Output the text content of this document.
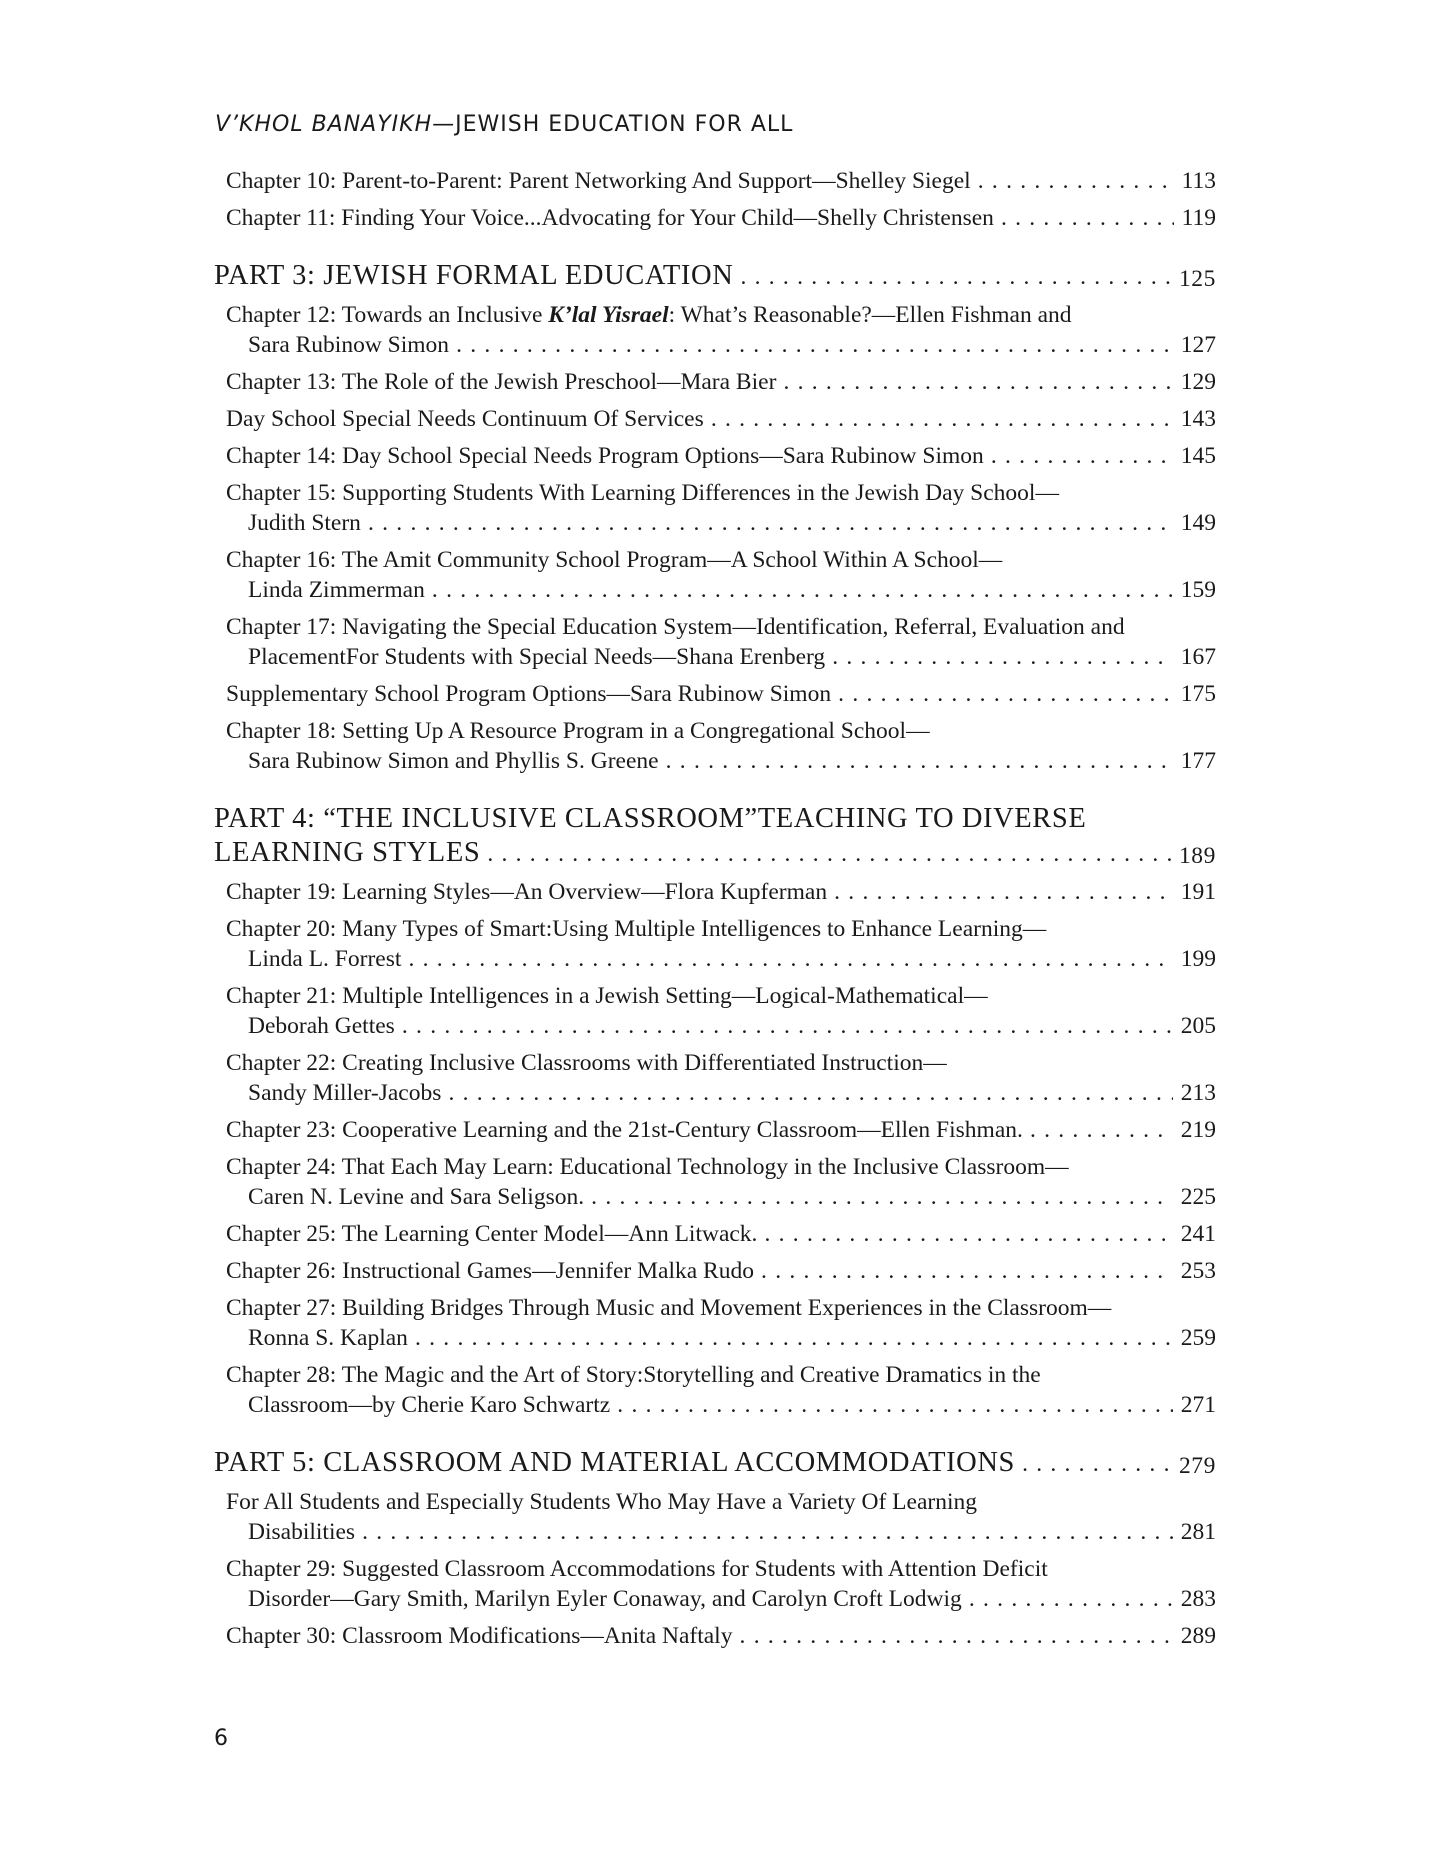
V’KHOL BANAYIKH—JEWISH EDUCATION FOR ALL
Chapter 10: Parent-to-Parent: Parent Networking And Support—Shelley Siegel . . .	113
Chapter 11: Finding Your Voice...Advocating for Your Child—Shelly Christensen . . .	119
PART 3: JEWISH FORMAL EDUCATION . . .	125
Chapter 12: Towards an Inclusive K’lal Yisrael: What’s Reasonable?—Ellen Fishman and
Sara Rubinow Simon . . .	127
Chapter 13: The Role of the Jewish Preschool—Mara Bier . . .	129
Day School Special Needs Continuum Of Services . . .	143
Chapter 14: Day School Special Needs Program Options—Sara Rubinow Simon . . .	145
Chapter 15: Supporting Students With Learning Differences in the Jewish Day School—
Judith Stern . . .	149
Chapter 16: The Amit Community School Program—A School Within A School—
Linda Zimmerman . . .	159
Chapter 17: Navigating the Special Education System—Identification, Referral, Evaluation and
PlacementFor Students with Special Needs—Shana Erenberg . . .	167
Supplementary School Program Options—Sara Rubinow Simon . . .	175
Chapter 18: Setting Up A Resource Program in a Congregational School—
Sara Rubinow Simon and Phyllis S. Greene . . .	177
PART 4: “THE INCLUSIVE CLASSROOM”TEACHING TO DIVERSE
LEARNING STYLES . . .	189
Chapter 19: Learning Styles—An Overview—Flora Kupferman . . .	191
Chapter 20: Many Types of Smart:Using Multiple Intelligences to Enhance Learning—
Linda L. Forrest . . .	199
Chapter 21: Multiple Intelligences in a Jewish Setting—Logical-Mathematical—
Deborah Gettes . . .	205
Chapter 22: Creating Inclusive Classrooms with Differentiated Instruction—
Sandy Miller-Jacobs . . .	213
Chapter 23: Cooperative Learning and the 21st-Century Classroom—Ellen Fishman. . . .	219
Chapter 24: That Each May Learn: Educational Technology in the Inclusive Classroom—
Caren N. Levine and Sara Seligson. . . .	225
Chapter 25: The Learning Center Model—Ann Litwack. . . .	241
Chapter 26: Instructional Games—Jennifer Malka Rudo . . .	253
Chapter 27: Building Bridges Through Music and Movement Experiences in the Classroom—
Ronna S. Kaplan . . .	259
Chapter 28: The Magic and the Art of Story:Storytelling and Creative Dramatics in the
Classroom—by Cherie Karo Schwartz . . .	271
PART 5: CLASSROOM AND MATERIAL ACCOMMODATIONS . . .	279
For All Students and Especially Students Who May Have a Variety Of Learning
Disabilities . . .	281
Chapter 29: Suggested Classroom Accommodations for Students with Attention Deficit
Disorder—Gary Smith, Marilyn Eyler Conaway, and Carolyn Croft Lodwig . . .	283
Chapter 30: Classroom Modifications—Anita Naftaly . . .	289
6
